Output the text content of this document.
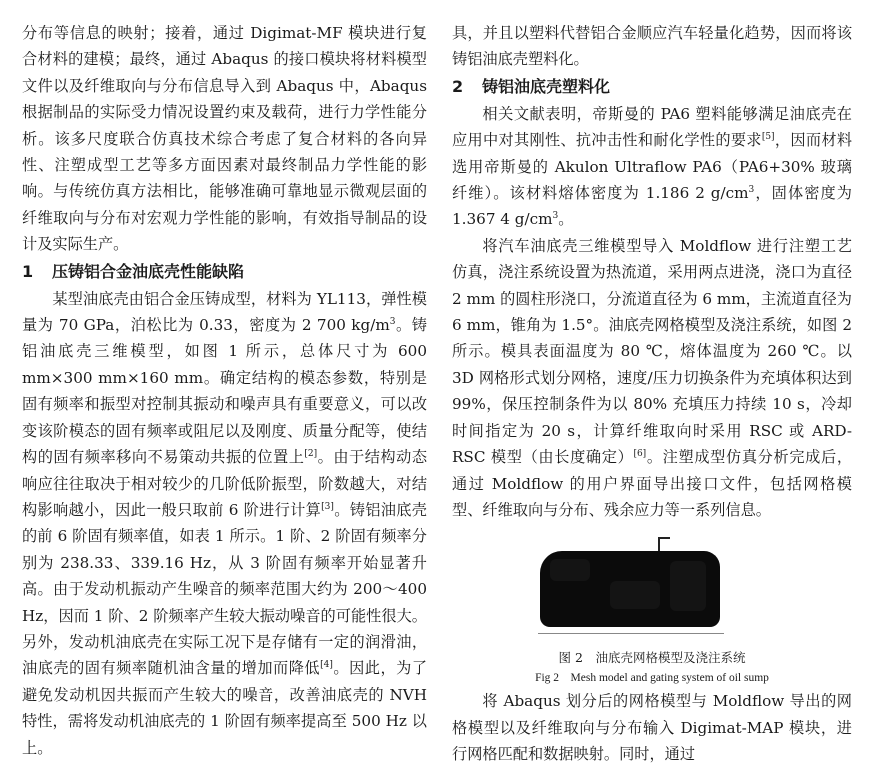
分布等信息的映射；接着，通过 Digimat-MF 模块进行复合材料的建模；最终，通过 Abaqus 的接口模块将材料模型文件以及纤维取向与分布信息导入到 Abaqus 中，Abaqus 根据制品的实际受力情况设置约束及载荷，进行力学性能分析。该多尺度联合仿真技术综合考虑了复合材料的各向异性、注塑成型工艺等多方面因素对最终制品力学性能的影响。与传统仿真方法相比，能够准确可靠地显示微观层面的纤维取向与分布对宏观力学性能的影响，有效指导制品的设计及实际生产。

1 压铸铝合金油底壳性能缺陷

某型油底壳由铝合金压铸成型，材料为 YL113，弹性模量为 70 GPa，泊松比为 0.33，密度为 2 700 $kg/m^3$。铸铝油底壳三维模型，如图 1 所示，总体尺寸为 600 mm×300 mm×160 mm。确定结构的模态参数，特别是固有频率和振型对控制其振动和噪声具有重要意义，可以改变该阶模态的固有频率或阻尼以及刚度、质量分配等，使结构的固有频率移向不易策动共振的位置上[2]。由于结构动态响应往往取决于相对较少的几阶低阶振型，阶数越大，对结构影响越小，因此一般只取前 6 阶进行计算[3]。铸铝油底壳的前 6 阶固有频率值，如表 1 所示。1 阶、2 阶固有频率分别为 238.33、339.16 Hz，从 3 阶固有频率开始显著升高。由于发动机振动产生噪音的频率范围大约为 200～400 Hz，因而 1 阶、2 阶频率产生较大振动噪音的可能性很大。另外，发动机油底壳在实际工况下是存储有一定的润滑油，油底壳的固有频率随机油含量的增加而降低[4]。因此，为了避免发动机因共振而产生较大的噪音，改善油底壳的 NVH 特性，需将发动机油底壳的 1 阶固有频率提高至 500 Hz 以上。

具，并且以塑料代替铝合金顺应汽车轻量化趋势，因而将该铸铝油底壳塑料化。

2 铸铝油底壳塑料化

相关文献表明，帝斯曼的 PA6 塑料能够满足油底壳在应用中对其刚性、抗冲击性和耐化学性的要求[5]，因而材料选用帝斯曼的 Akulon Ultraflow PA6（PA6+30% 玻璃纤维）。该材料熔体密度为 1.186 2 $g/cm^3$，固体密度为 1.367 4 $g/cm^3$。

将汽车油底壳三维模型导入 Moldflow 进行注塑工艺仿真，浇注系统设置为热流道，采用两点进浇，浇口为直径 2 mm 的圆柱形浇口，分流道直径为 6 mm，主流道直径为 6 mm，锥角为 1.5°。油底壳网格模型及浇注系统，如图 2 所示。模具表面温度为 80 ℃，熔体温度为 260 ℃。以 3D 网格形式划分网格，速度/压力切换条件为充填体积达到 99%，保压控制条件为以 80% 充填压力持续 10 s，冷却时间指定为 20 s，计算纤维取向时采用 RSC 或 ARD-RSC 模型（由长度确定）[6]。注塑成型仿真分析完成后，通过 Moldflow 的用户界面导出接口文件，包括网格模型、纤维取向与分布、残余应力等一系列信息。

图 2　油底壳网格模型及浇注系统

Fig 2　Mesh model and gating system of oil sump

将 Abaqus 划分后的网格模型与 Moldflow 导出的网格模型以及纤维取向与分布输入 Digimat-MAP 模块，进行网格匹配和数据映射。同时，通过
